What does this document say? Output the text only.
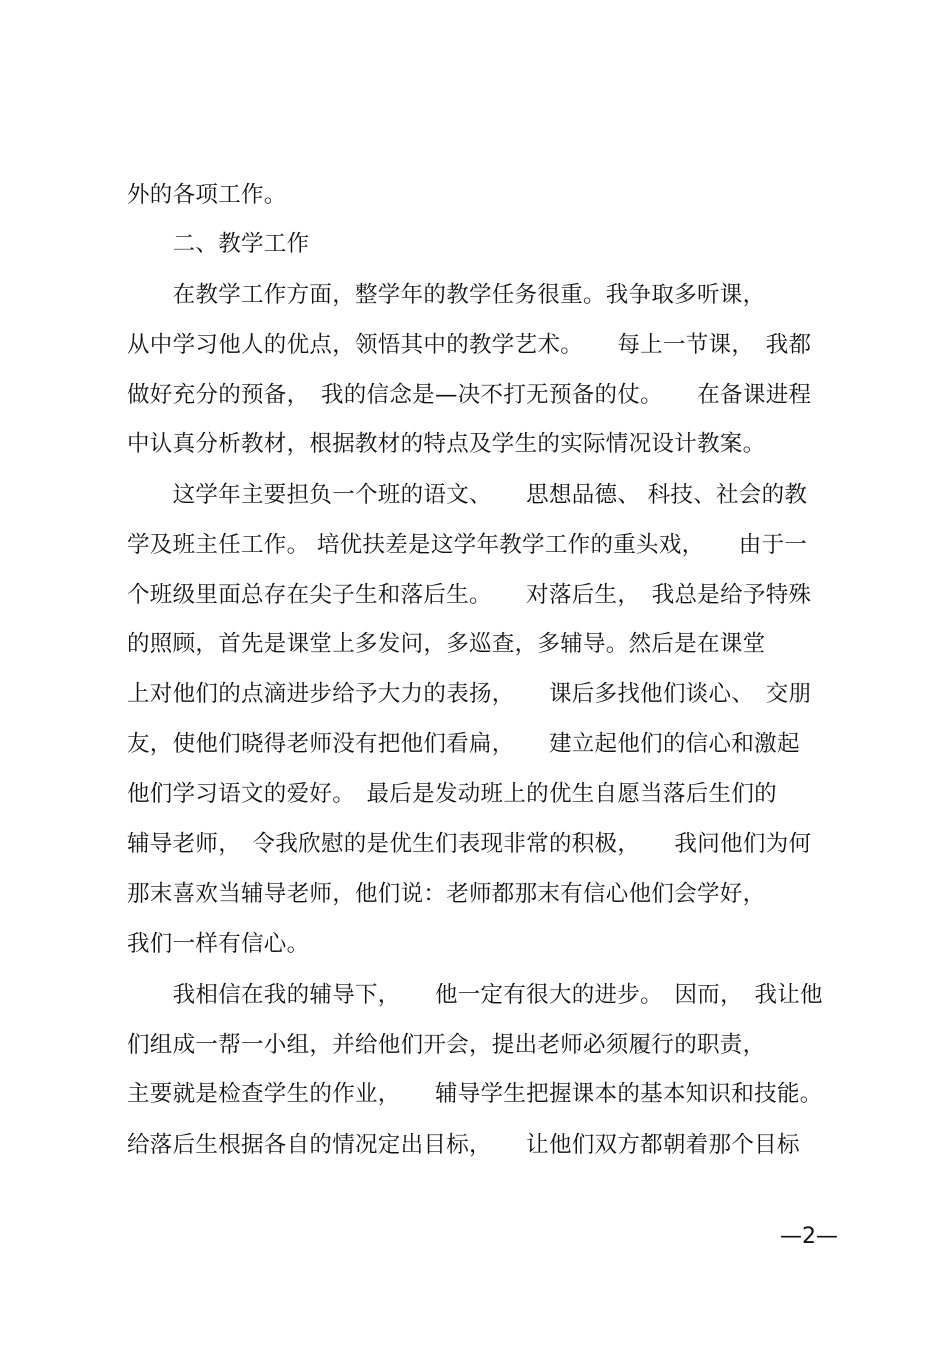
外的各项工作。
　　二、教学工作
　　在教学工作方面，整学年的教学任务很重。我争取多听课，
从中学习他人的优点，领悟其中的教学艺术。　　每上一节课，　我都
做好充分的预备，　我的信念是—决不打无预备的仗。　　在备课进程
中认真分析教材，根据教材的特点及学生的实际情况设计教案。
　　这学年主要担负一个班的语文、　　思想品德、 科技、社会的教
学及班主任工作。 培优扶差是这学年教学工作的重头戏，　　由于一
个班级里面总存在尖子生和落后生。　　对落后生，　我总是给予特殊
的照顾，首先是课堂上多发问，多巡查，多辅导。然后是在课堂
上对他们的点滴进步给予大力的表扬，　　课后多找他们谈心、　交朋
友，使他们晓得老师没有把他们看扁，　　建立起他们的信心和激起
他们学习语文的爱好。　最后是发动班上的优生自愿当落后生们的
辅导老师，　令我欣慰的是优生们表现非常的积极，　　我问他们为何
那末喜欢当辅导老师，他们说：老师都那末有信心他们会学好，
我们一样有信心。
　　我相信在我的辅导下，　　他一定有很大的进步。　因而，　我让他
们组成一帮一小组，并给他们开会，提出老师必须履行的职责，
主要就是检查学生的作业，　　辅导学生把握课本的基本知识和技能。
给落后生根据各自的情况定出目标，　　让他们双方都朝着那个目标
—2—
